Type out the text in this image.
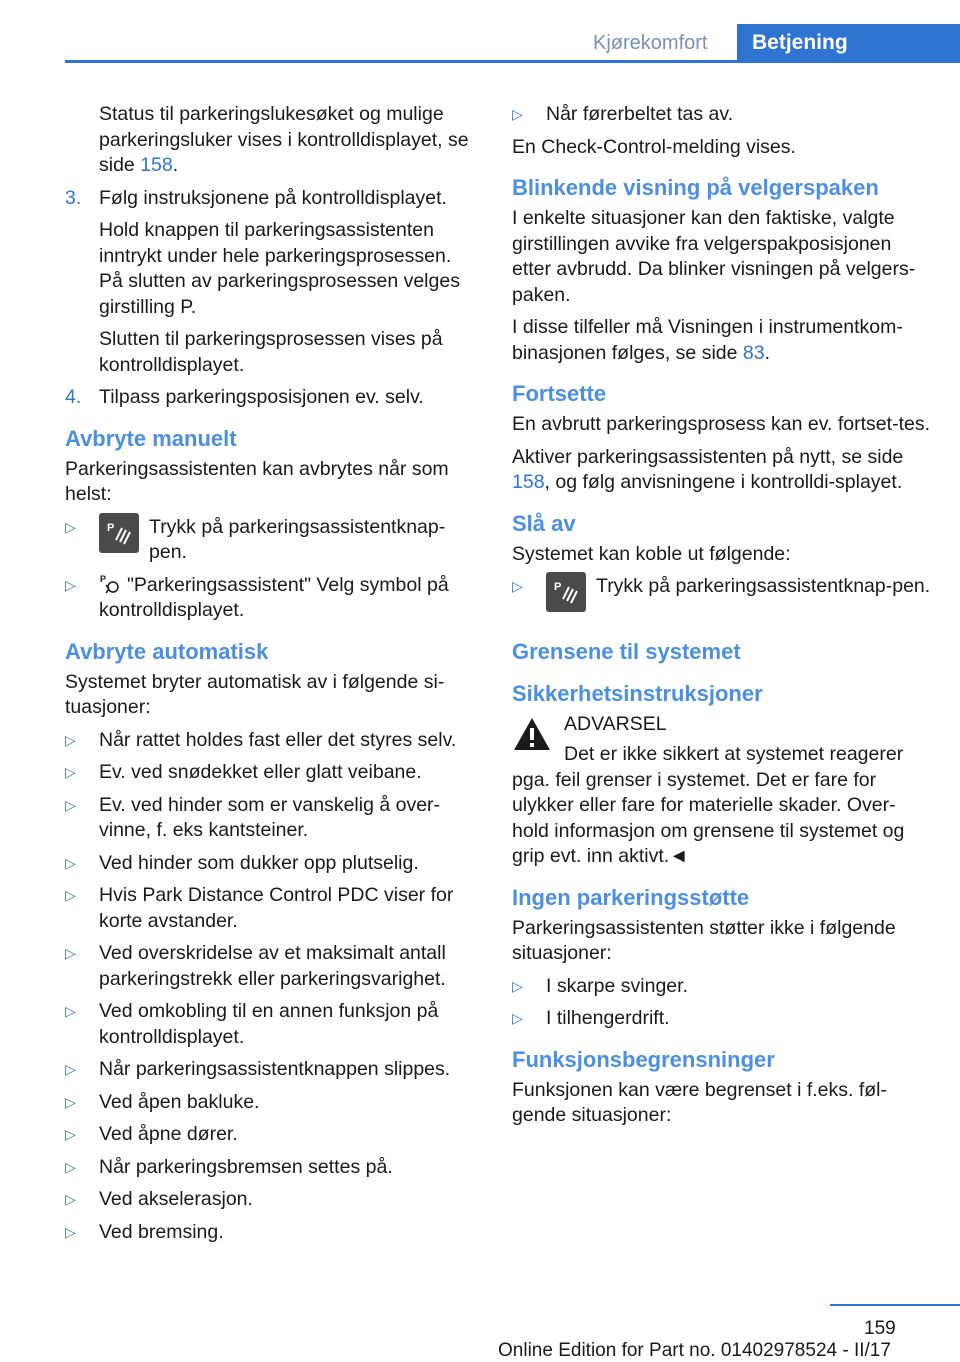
Kjørekomfort	Betjening
Status til parkeringslukesøket og mulige parkeringsluker vises i kontrolldisplayet, se side 158.
3. Følg instruksjonene på kontrolldisplayet.
Hold knappen til parkeringsassistenten inntrykt under hele parkeringsprosessen. På slutten av parkeringsprosessen velges girstilling P.
Slutten til parkeringsprosessen vises på kontrolldisplayet.
4. Tilpass parkeringsposisjonen ev. selv.
Avbryte manuelt
Parkeringsassistenten kan avbrytes når som helst:
▷	P Trykk på parkeringsassistentknap‐pen.
▷	P "Parkeringsassistent" Velg symbol på kontrolldisplayet.
Avbryte automatisk
Systemet bryter automatisk av i følgende si‐tuasjoner:
▷ Når rattet holdes fast eller det styres selv.
▷ Ev. ved snødekket eller glatt veibane.
▷ Ev. ved hinder som er vanskelig å over‐vinne, f. eks kantsteiner.
▷ Ved hinder som dukker opp plutselig.
▷ Hvis Park Distance Control PDC viser for korte avstander.
▷ Ved overskridelse av et maksimalt antall parkeringstrekk eller parkeringsvarighet.
▷ Ved omkobling til en annen funksjon på kontrolldisplayet.
▷ Når parkeringsassistentknappen slippes.
▷ Ved åpen bakluke.
▷ Ved åpne dører.
▷ Når parkeringsbremsen settes på.
▷ Ved akselerasjon.
▷ Ved bremsing.
▷ Når førerbeltet tas av.
En Check-Control-melding vises.
Blinkende visning på velgerspaken
I enkelte situasjoner kan den faktiske, valgte girstillingen avvike fra velgerspakposisjonen etter avbrudd. Da blinker visningen på velgers‐paken.
I disse tilfeller må Visningen i instrumentkom‐binasjonen følges, se side 83.
Fortsette
En avbrutt parkeringsprosess kan ev. fortset‐tes.
Aktiver parkeringsassistenten på nytt, se side 158, og følg anvisningene i kontrolldi‐splayet.
Slå av
Systemet kan koble ut følgende:
▷	P Trykk på parkeringsassistentknap‐pen.
Grensene til systemet
Sikkerhetsinstruksjoner
ADVARSEL
Det er ikke sikkert at systemet reagerer pga. feil grenser i systemet. Det er fare for ulykker eller fare for materielle skader. Over‐hold informasjon om grensene til systemet og grip evt. inn aktivt.◄
Ingen parkeringsstøtte
Parkeringsassistenten støtter ikke i følgende situasjoner:
▷ I skarpe svinger.
▷ I tilhengerdrift.
Funksjonsbegrensninger
Funksjonen kan være begrenset i f.eks. føl‐gende situasjoner:
159
Online Edition for Part no. 01402978524 - II/17
